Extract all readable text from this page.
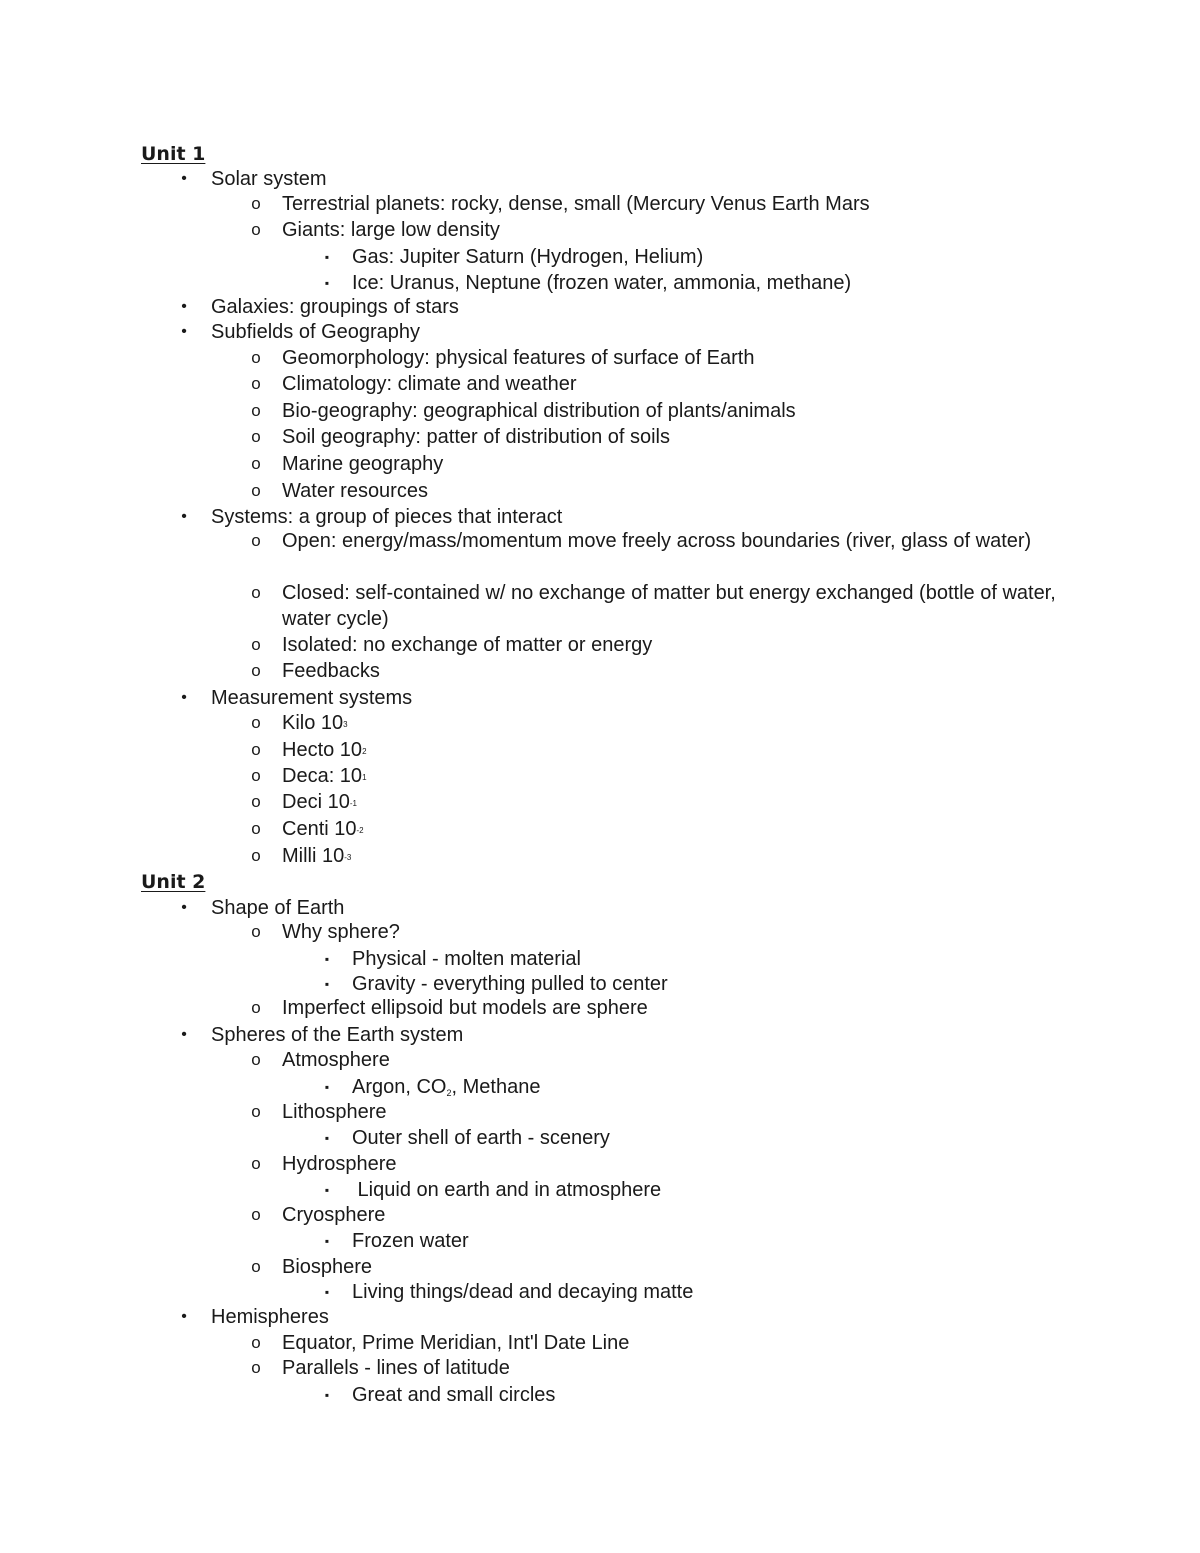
Unit 1
• Solar system
o Terrestrial planets: rocky, dense, small (Mercury Venus Earth Mars
o Giants: large low density
▪ Gas: Jupiter Saturn (Hydrogen, Helium)
▪ Ice: Uranus, Neptune (frozen water, ammonia, methane)
• Galaxies: groupings of stars
• Subfields of Geography
o Geomorphology: physical features of surface of Earth
o Climatology: climate and weather
o Bio-geography: geographical distribution of plants/animals
o Soil geography: patter of distribution of soils
o Marine geography
o Water resources
• Systems: a group of pieces that interact
o Open: energy/mass/momentum move freely across boundaries (river, glass of water)
o Closed: self-contained w/ no exchange of matter but energy exchanged (bottle of water, water cycle)
o Isolated: no exchange of matter or energy
o Feedbacks
• Measurement systems
o Kilo 103
o Hecto 102
o Deca: 101
o Deci 10-1
o Centi 10-2
o Milli 10-3
Unit 2
• Shape of Earth
o Why sphere?
▪ Physical - molten material
▪ Gravity - everything pulled to center
o Imperfect ellipsoid but models are sphere
• Spheres of the Earth system
o Atmosphere
▪ Argon, CO2, Methane
o Lithosphere
▪ Outer shell of earth - scenery
o Hydrosphere
▪ Liquid on earth and in atmosphere
o Cryosphere
▪ Frozen water
o Biosphere
▪ Living things/dead and decaying matte
• Hemispheres
o Equator, Prime Meridian, Int'l Date Line
o Parallels - lines of latitude
▪ Great and small circles
